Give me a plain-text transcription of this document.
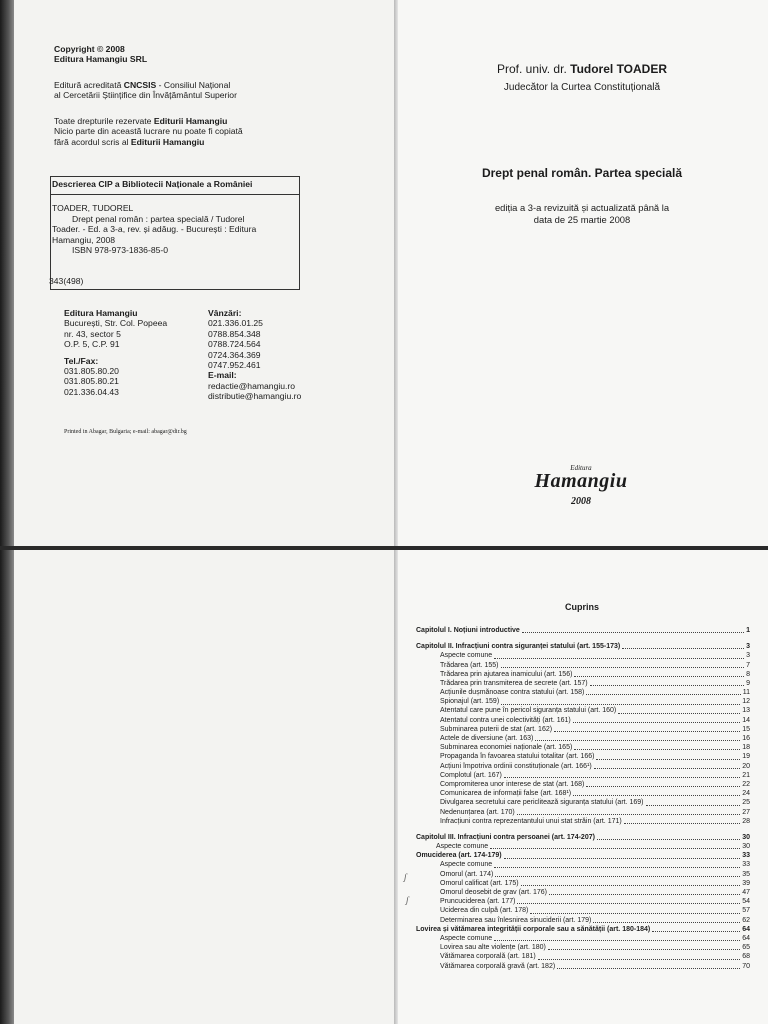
Copyright © 2008
Editura Hamangiu SRL
Editură acreditată CNCSIS - Consiliul Național
al Cercetării Științifice din Învățământul Superior
Toate drepturile rezervate Editurii Hamangiu
Nicio parte din această lucrare nu poate fi copiată
fără acordul scris al Editurii Hamangiu
Descrierea CIP a Bibliotecii Naționale a României
TOADER, TUDOREL
Drept penal român : partea specială / Tudorel
Toader. - Ed. a 3-a, rev. și adăug. - București : Editura
Hamangiu, 2008
ISBN 978-973-1836-85-0
343(498)
Editura Hamangiu
București, Str. Col. Popeea
nr. 43, sector 5
O.P. 5, C.P. 91
Tel./Fax:
031.805.80.20
031.805.80.21
021.336.04.43
Vânzări:
021.336.01.25
0788.854.348
0788.724.564
0724.364.369
0747.952.461
E-mail:
redactie@hamangiu.ro
distributie@hamangiu.ro
Printed in Abagar, Bulgaria; e-mail: abagar@dir.bg
Prof. univ. dr. Tudorel TOADER
Judecător la Curtea Constituțională
Drept penal român. Partea specială
ediția a 3-a revizuită și actualizată până la
data de 25 martie 2008
Editura
Hamangiu
2008
Cuprins
Capitolul I. Noțiuni introductive	1
Capitolul II. Infracțiuni contra siguranței statului (art. 155-173)	3
Aspecte comune	3
Trădarea (art. 155)	7
Trădarea prin ajutarea inamicului (art. 156)	8
Trădarea prin transmiterea de secrete (art. 157)	9
Acțiunile dușmănoase contra statului (art. 158)	11
Spionajul (art. 159)	12
Atentatul care pune în pericol siguranța statului (art. 160)	13
Atentatul contra unei colectivități (art. 161)	14
Subminarea puterii de stat (art. 162)	15
Actele de diversiune (art. 163)	16
Subminarea economiei naționale (art. 165)	18
Propaganda în favoarea statului totalitar (art. 166)	19
Acțiuni împotriva ordinii constituționale (art. 166¹)	20
Complotul (art. 167)	21
Compromiterea unor interese de stat (art. 168)	22
Comunicarea de informații false (art. 168¹)	24
Divulgarea secretului care periclitează siguranța statului (art. 169)	25
Nedenunțarea (art. 170)	27
Infracțiuni contra reprezentantului unui stat străin (art. 171)	28
Capitolul III. Infracțiuni contra persoanei (art. 174-207)	30
Aspecte comune	30
Omuciderea (art. 174-179)	33
Aspecte comune	33
Omorul (art. 174)	35
Omorul calificat (art. 175)	39
Omorul deosebit de grav (art. 176)	47
Pruncuciderea (art. 177)	54
Uciderea din culpă (art. 178)	57
Determinarea sau înlesnirea sinuciderii (art. 179)	62
Lovirea și vătămarea integrității corporale sau a sănătății (art. 180-184)	64
Aspecte comune	64
Lovirea sau alte violențe (art. 180)	65
Vătămarea corporală (art. 181)	68
Vătămarea corporală gravă (art. 182)	70
ʃ
ʃ
